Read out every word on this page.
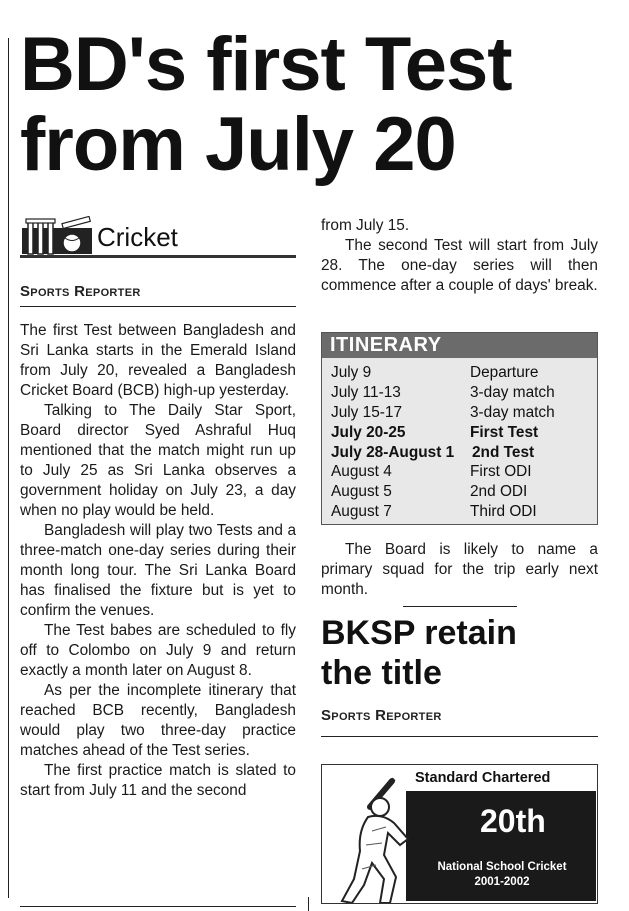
BD's first Test
from July 20
Cricket
Sports Reporter

The first Test between Bangladesh and Sri Lanka starts in the Emerald Island from July 20, revealed a Bangladesh Cricket Board (BCB) high-up yesterday.

Talking to The Daily Star Sport, Board director Syed Ashraful Huq mentioned that the match might run up to July 25 as Sri Lanka observes a government holiday on July 23, a day when no play would be held.

Bangladesh will play two Tests and a three-match one-day series during their month long tour. The Sri Lanka Board has finalised the fixture but is yet to confirm the venues.

The Test babes are scheduled to fly off to Colombo on July 9 and return exactly a month later on August 8.

As per the incomplete itinerary that reached BCB recently, Bangladesh would play two three-day practice matches ahead of the Test series.

The first practice match is slated to start from July 11 and the second

from July 15.

The second Test will start from July 28. The one-day series will then commence after a couple of days' break.

ITINERARY
July 9	Departure
July 11-13	3-day match
July 15-17	3-day match
July 20-25	First Test
July 28-August 1 2nd Test
August 4	First ODI
August 5	2nd ODI
August 7	Third ODI

The Board is likely to name a primary squad for the trip early next month.

BKSP retain
the title
Sports Reporter
Standard Chartered
20th
National School Cricket
2001-2002
